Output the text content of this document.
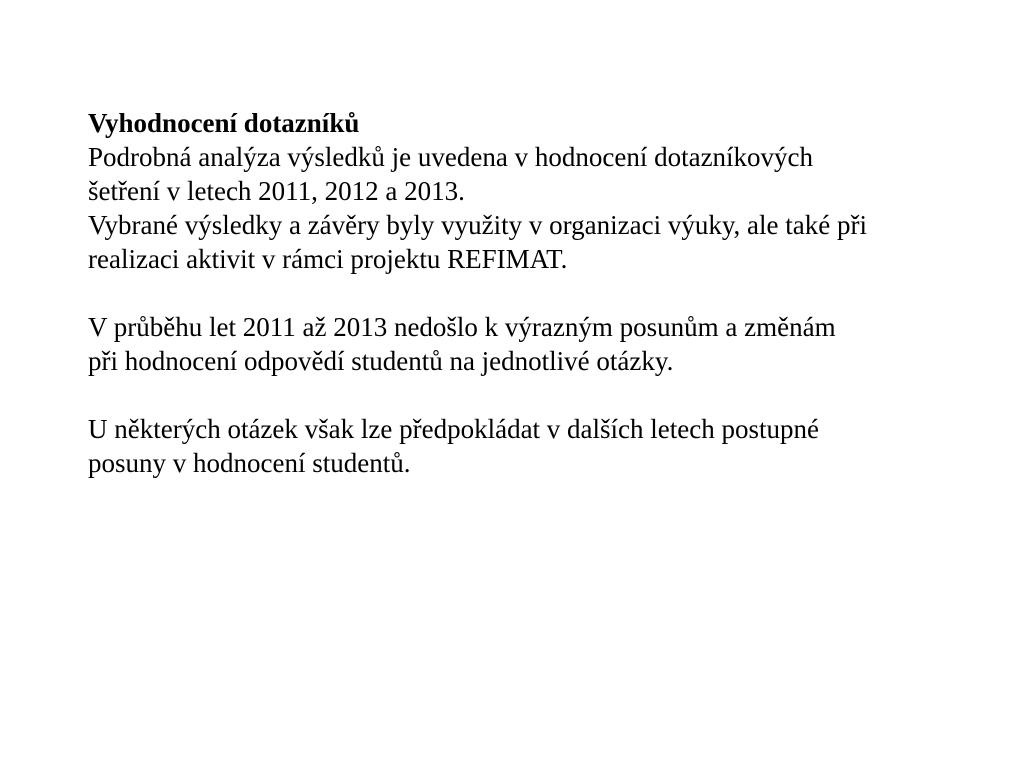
Vyhodnocení dotazníků
Podrobná analýza výsledků je uvedena v hodnocení dotazníkových
šetření v letech 2011, 2012 a 2013.
Vybrané výsledky a závěry byly využity v organizaci výuky, ale také při
realizaci aktivit v rámci projektu REFIMAT.
V průběhu let 2011 až 2013 nedošlo k výrazným posunům a změnám
při hodnocení odpovědí studentů na jednotlivé otázky.
U některých otázek však lze předpokládat v dalších letech postupné
posuny v hodnocení studentů.
